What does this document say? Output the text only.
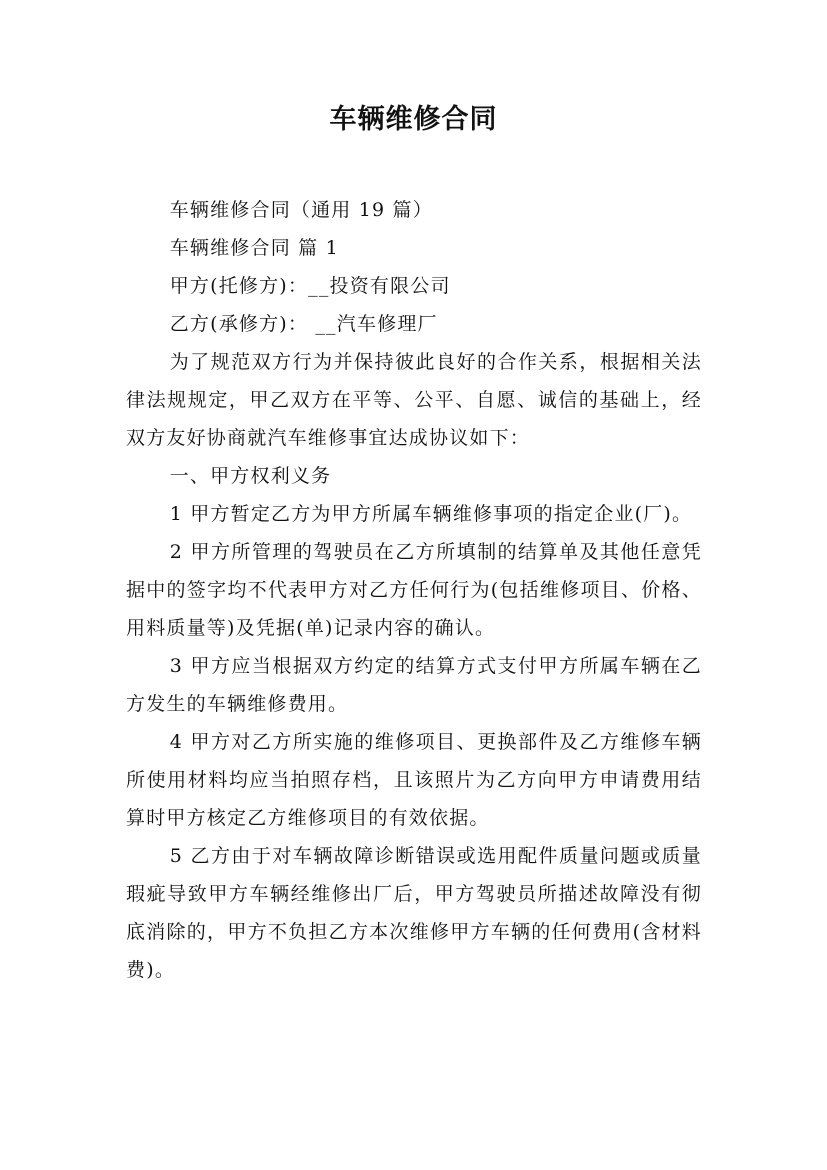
车辆维修合同

车辆维修合同（通用 19 篇）

车辆维修合同 篇 1

甲方(托修方)：__投资有限公司

乙方(承修方)： __汽车修理厂

为了规范双方行为并保持彼此良好的合作关系，根据相关法律法规规定，甲乙双方在平等、公平、自愿、诚信的基础上，经双方友好协商就汽车维修事宜达成协议如下：

一、甲方权利义务

1 甲方暂定乙方为甲方所属车辆维修事项的指定企业(厂)。

2 甲方所管理的驾驶员在乙方所填制的结算单及其他任意凭据中的签字均不代表甲方对乙方任何行为(包括维修项目、价格、用料质量等)及凭据(单)记录内容的确认。

3 甲方应当根据双方约定的结算方式支付甲方所属车辆在乙方发生的车辆维修费用。

4 甲方对乙方所实施的维修项目、更换部件及乙方维修车辆所使用材料均应当拍照存档，且该照片为乙方向甲方申请费用结算时甲方核定乙方维修项目的有效依据。

5 乙方由于对车辆故障诊断错误或选用配件质量问题或质量瑕疵导致甲方车辆经维修出厂后，甲方驾驶员所描述故障没有彻底消除的，甲方不负担乙方本次维修甲方车辆的任何费用(含材料费)。
